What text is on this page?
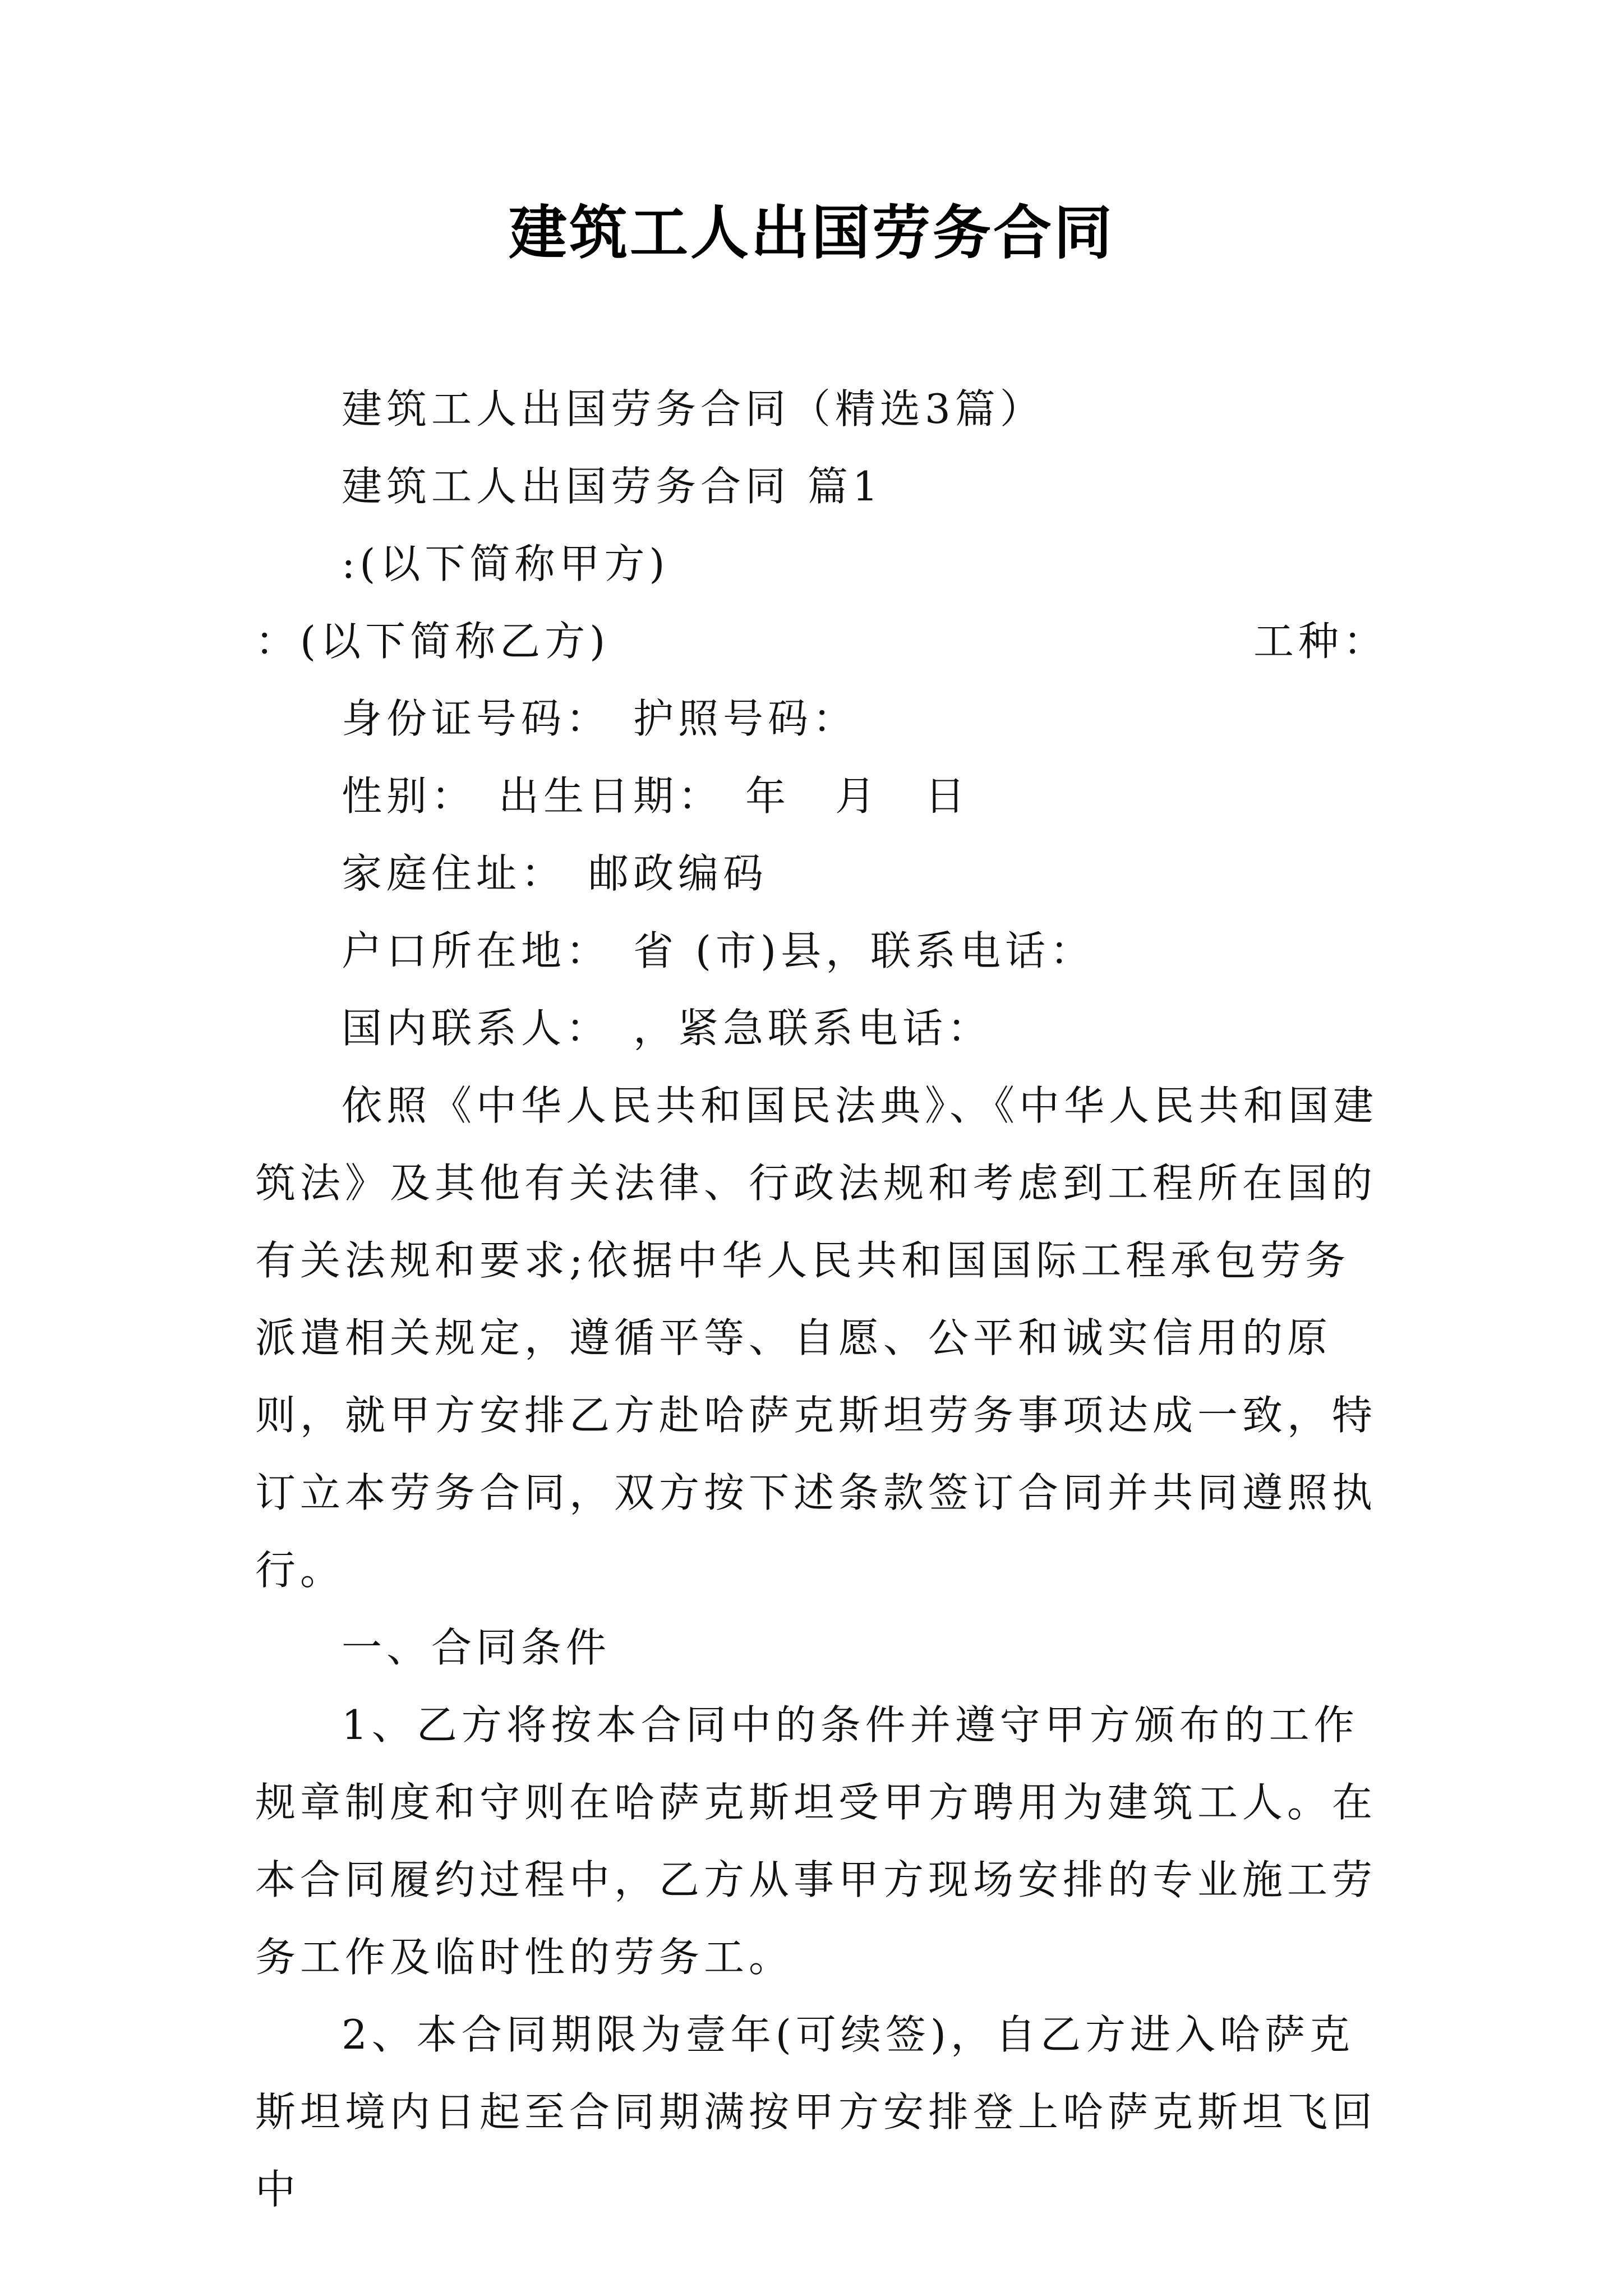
建筑工人出国劳务合同

建筑工人出国劳务合同（精选3篇）

建筑工人出国劳务合同 篇1

:(以下简称甲方)

：(以下简称乙方)	工种：

身份证号码： 护照号码：

性别： 出生日期： 年　月　日

家庭住址： 邮政编码

户口所在地： 省 (市)县，联系电话：

国内联系人： ，紧急联系电话：

依照《中华人民共和国民法典》、《中华人民共和国建筑法》及其他有关法律、行政法规和考虑到工程所在国的有关法规和要求;依据中华人民共和国国际工程承包劳务派遣相关规定，遵循平等、自愿、公平和诚实信用的原则，就甲方安排乙方赴哈萨克斯坦劳务事项达成一致，特订立本劳务合同，双方按下述条款签订合同并共同遵照执行。

一、合同条件

1、乙方将按本合同中的条件并遵守甲方颁布的工作规章制度和守则在哈萨克斯坦受甲方聘用为建筑工人。在本合同履约过程中，乙方从事甲方现场安排的专业施工劳务工作及临时性的劳务工。

2、本合同期限为壹年(可续签)，自乙方进入哈萨克斯坦境内日起至合同期满按甲方安排登上哈萨克斯坦飞回中
